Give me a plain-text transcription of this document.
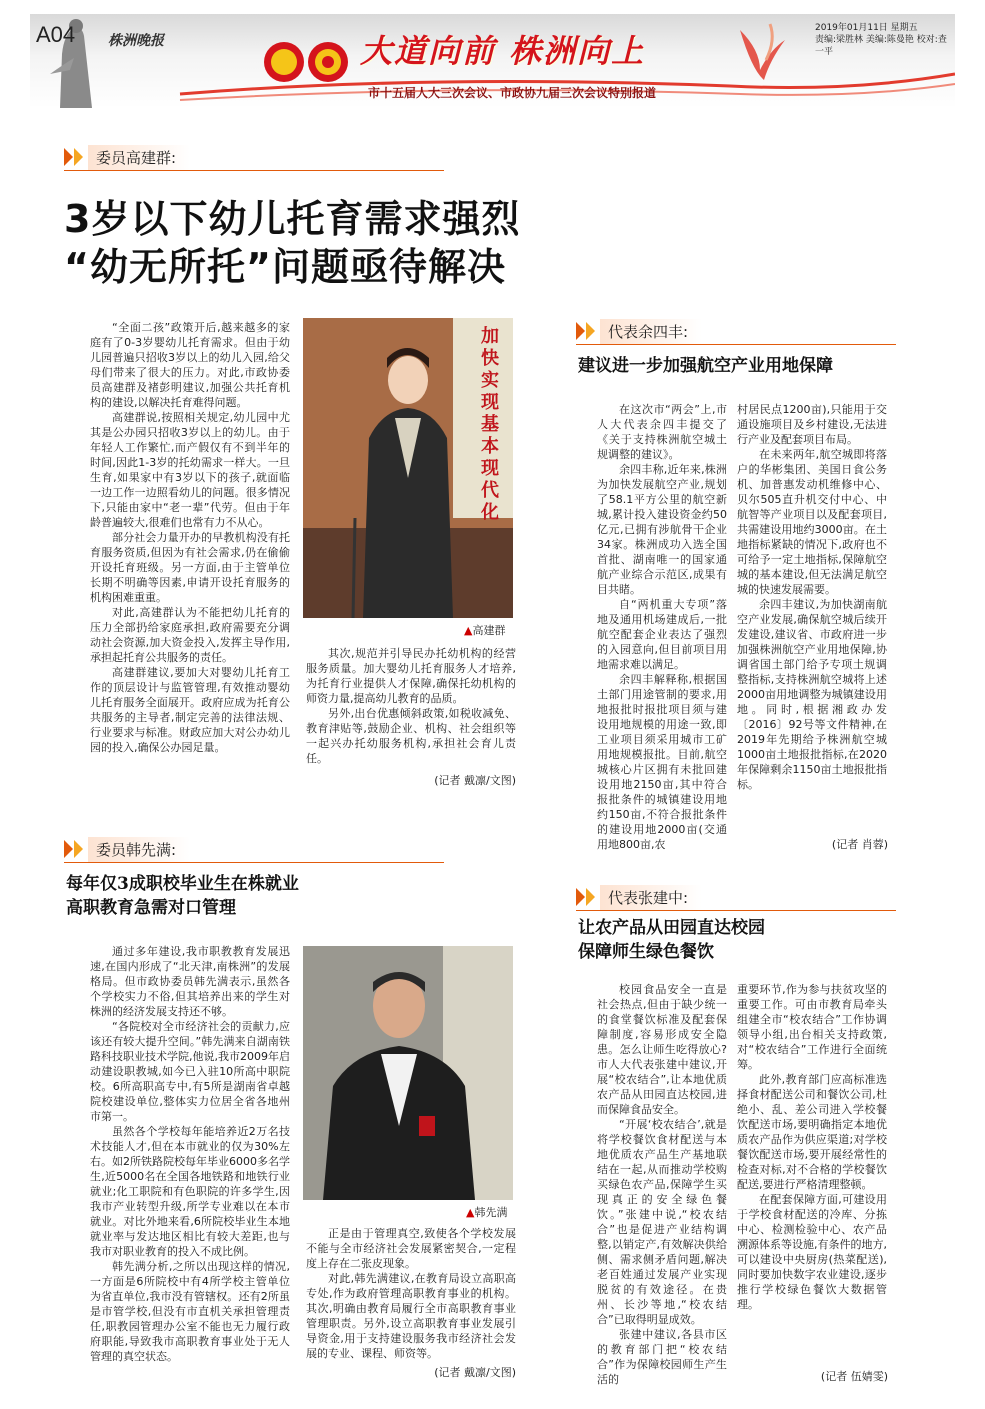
A04 株洲晚报	大道向前 株洲向上
市十五届人大三次会议、市政协九届三次会议特别报道
2019年01月11日 星期五
责编:梁胜林 美编:陈曼艳 校对:查一平
委员高建群:
3岁以下幼儿托育需求强烈
“幼无所托”问题亟待解决

“全面二孩”政策开后,越来越多的家庭有了0-3岁婴幼儿托育需求。但由于幼儿园普遍只招收3岁以上的幼儿入园,给父母们带来了很大的压力。对此,市政协委员高建群及褚彭明建议,加强公共托育机构的建设,以解决托育难得问题。

高建群说,按照相关规定,幼儿园中尤其是公办园只招收3岁以上的幼儿。由于年轻人工作繁忙,而产假仅有不到半年的时间,因此1-3岁的托幼需求一样大。一旦生育,如果家中有3岁以下的孩子,就面临一边工作一边照看幼儿的问题。很多情况下,只能由家中“老一辈”代劳。但由于年龄普遍较大,很难们也常有力不从心。

部分社会力量开办的早教机构没有托育服务资质,但因为有社会需求,仍在偷偷开设托育班级。另一方面,由于主管单位长期不明确等因素,申请开设托育服务的机构困难重重。

对此,高建群认为不能把幼儿托育的压力全部扔给家庭承担,政府需要充分调动社会资源,加大资金投入,发挥主导作用,承担起托育公共服务的责任。

高建群建议,要加大对婴幼儿托育工作的顶层设计与监管管理,有效推动婴幼儿托育服务全面展开。政府应成为托育公共服务的主导者,制定完善的法律法规、行业要求与标准。财政应加大对公办幼儿园的投入,确保公办园足量。

加快实现基本现代化
▲高建群

其次,规范并引导民办托幼机构的经营服务质量。加大婴幼儿托育服务人才培养,为托育行业提供人才保障,确保托幼机构的师资力量,提高幼儿教育的品质。

另外,出台优惠倾斜政策,如税收减免、教育津贴等,鼓励企业、机构、社会组织等一起兴办托幼服务机构,承担社会育儿责任。

(记者 戴凛/文图)
代表余四丰:
建议进一步加强航空产业用地保障

在这次市“两会”上,市人大代表余四丰提交了《关于支持株洲航空城土规调整的建议》。

余四丰称,近年来,株洲为加快发展航空产业,规划了58.1平方公里的航空新城,累计投入建设资金约50亿元,已拥有涉航骨干企业34家。株洲成功入选全国首批、湖南唯一的国家通航产业综合示范区,成果有目共睹。

自“两机重大专项”落地及通用机场建成后,一批航空配套企业表达了强烈的入园意向,但目前项目用地需求难以满足。

余四丰解释称,根据国土部门用途管制的要求,用地报批时报批项目须与建设用地规模的用途一致,即工业项目须采用城市工矿用地规模报批。目前,航空城核心片区拥有未批回建设用地2150亩,其中符合报批条件的城镇建设用地约150亩,不符合报批条件的建设用地2000亩(交通用地800亩,农

村居民点1200亩),只能用于交通设施项目及乡村建设,无法进行产业及配套项目布局。

在未来两年,航空城即将落户的华彬集团、美国日食公务机、加普惠发动机维修中心、贝尔505直升机交付中心、中航智等产业项目以及配套项目,共需建设用地约3000亩。在土地指标紧缺的情况下,政府也不可给予一定土地指标,保障航空城的基本建设,但无法满足航空城的快速发展需要。

余四丰建议,为加快湖南航空产业发展,确保航空城后续开发建设,建议省、市政府进一步加强株洲航空产业用地保障,协调省国土部门给予专项土规调整指标,支持株洲航空城将上述2000亩用地调整为城镇建设用地。同时,根据湘政办发〔2016〕92号等文件精神,在2019年先期给予株洲航空城1000亩土地报批指标,在2020年保障剩余1150亩土地报批指标。

(记者 肖蓉)
委员韩先满:
每年仅3成职校毕业生在株就业
高职教育急需对口管理

通过多年建设,我市职教教育发展迅速,在国内形成了“北天津,南株洲”的发展格局。但市政协委员韩先满表示,虽然各个学校实力不俗,但其培养出来的学生对株洲的经济发展支持还不够。

“各院校对全市经济社会的贡献力,应该还有较大提升空间。”韩先满来自湖南铁路科技职业技术学院,他说,我市2009年启动建设职教城,如今已入驻10所高中职院校。6所高职高专中,有5所是湖南省卓越院校建设单位,整体实力位居全省各地州市第一。

虽然各个学校每年能培养近2万名技术技能人才,但在本市就业的仅为30%左右。如2所铁路院校每年毕业6000多名学生,近5000名在全国各地铁路和地铁行业就业;化工职院和有色职院的许多学生,因我市产业转型升级,所学专业难以在本市就业。对比外地来看,6所院校毕业生本地就业率与发达地区相比有较大差距,也与我市对职业教育的投入不成比例。

韩先满分析,之所以出现这样的情况,一方面是6所院校中有4所学校主管单位为省直单位,我市没有管辖权。还有2所虽是市管学校,但没有市直机关承担管理责任,职教园管理办公室不能也无力履行政府职能,导致我市高职教育事业处于无人管理的真空状态。

▲韩先满

正是由于管理真空,致使各个学校发展不能与全市经济社会发展紧密契合,一定程度上存在二张皮现象。

对此,韩先满建议,在教育局设立高职高专处,作为政府管理高职教育事业的机构。其次,明确由教育局履行全市高职教育事业管理职责。另外,设立高职教育事业发展引导资金,用于支持建设服务我市经济社会发展的专业、课程、师资等。

(记者 戴凛/文图)
代表张建中:
让农产品从田园直达校园
保障师生绿色餐饮

校园食品安全一直是社会热点,但由于缺少统一的食堂餐饮标准及配套保障制度,容易形成安全隐患。怎么让师生吃得放心?市人大代表张建中建议,开展“校农结合”,让本地优质农产品从田园直达校园,进而保障食品安全。

“开展‘校农结合’,就是将学校餐饮食材配送与本地优质农产品生产基地联结在一起,从而推动学校购买绿色农产品,保障学生买现真正的安全绿色餐饮。”张建中说,“校农结合”也是促进产业结构调整,以销定产,有效解决供给侧、需求侧矛盾问题,解决老百姓通过发展产业实现脱贫的有效途径。在贵州、长沙等地,“校农结合”已取得明显成效。

张建中建议,各县市区的教育部门把“校农结合”作为保障校园师生产生活的

重要环节,作为参与扶贫攻坚的重要工作。可由市教育局牵头组建全市“校农结合”工作协调领导小组,出台相关支持政策,对“校农结合”工作进行全面统筹。

此外,教育部门应高标准选择食材配送公司和餐饮公司,杜绝小、乱、差公司进入学校餐饮配送市场,要明确指定本地优质农产品作为供应渠道;对学校餐饮配送市场,要开展经常性的检查对标,对不合格的学校餐饮配送,要进行严格清理整顿。

在配套保障方面,可建设用于学校食材配送的冷库、分拣中心、检测检验中心、农产品溯源体系等设施,有条件的地方,可以建设中央厨房(热菜配送),同时要加快数字农业建设,逐步推行学校绿色餐饮大数据管理。

(记者 伍婧雯)
